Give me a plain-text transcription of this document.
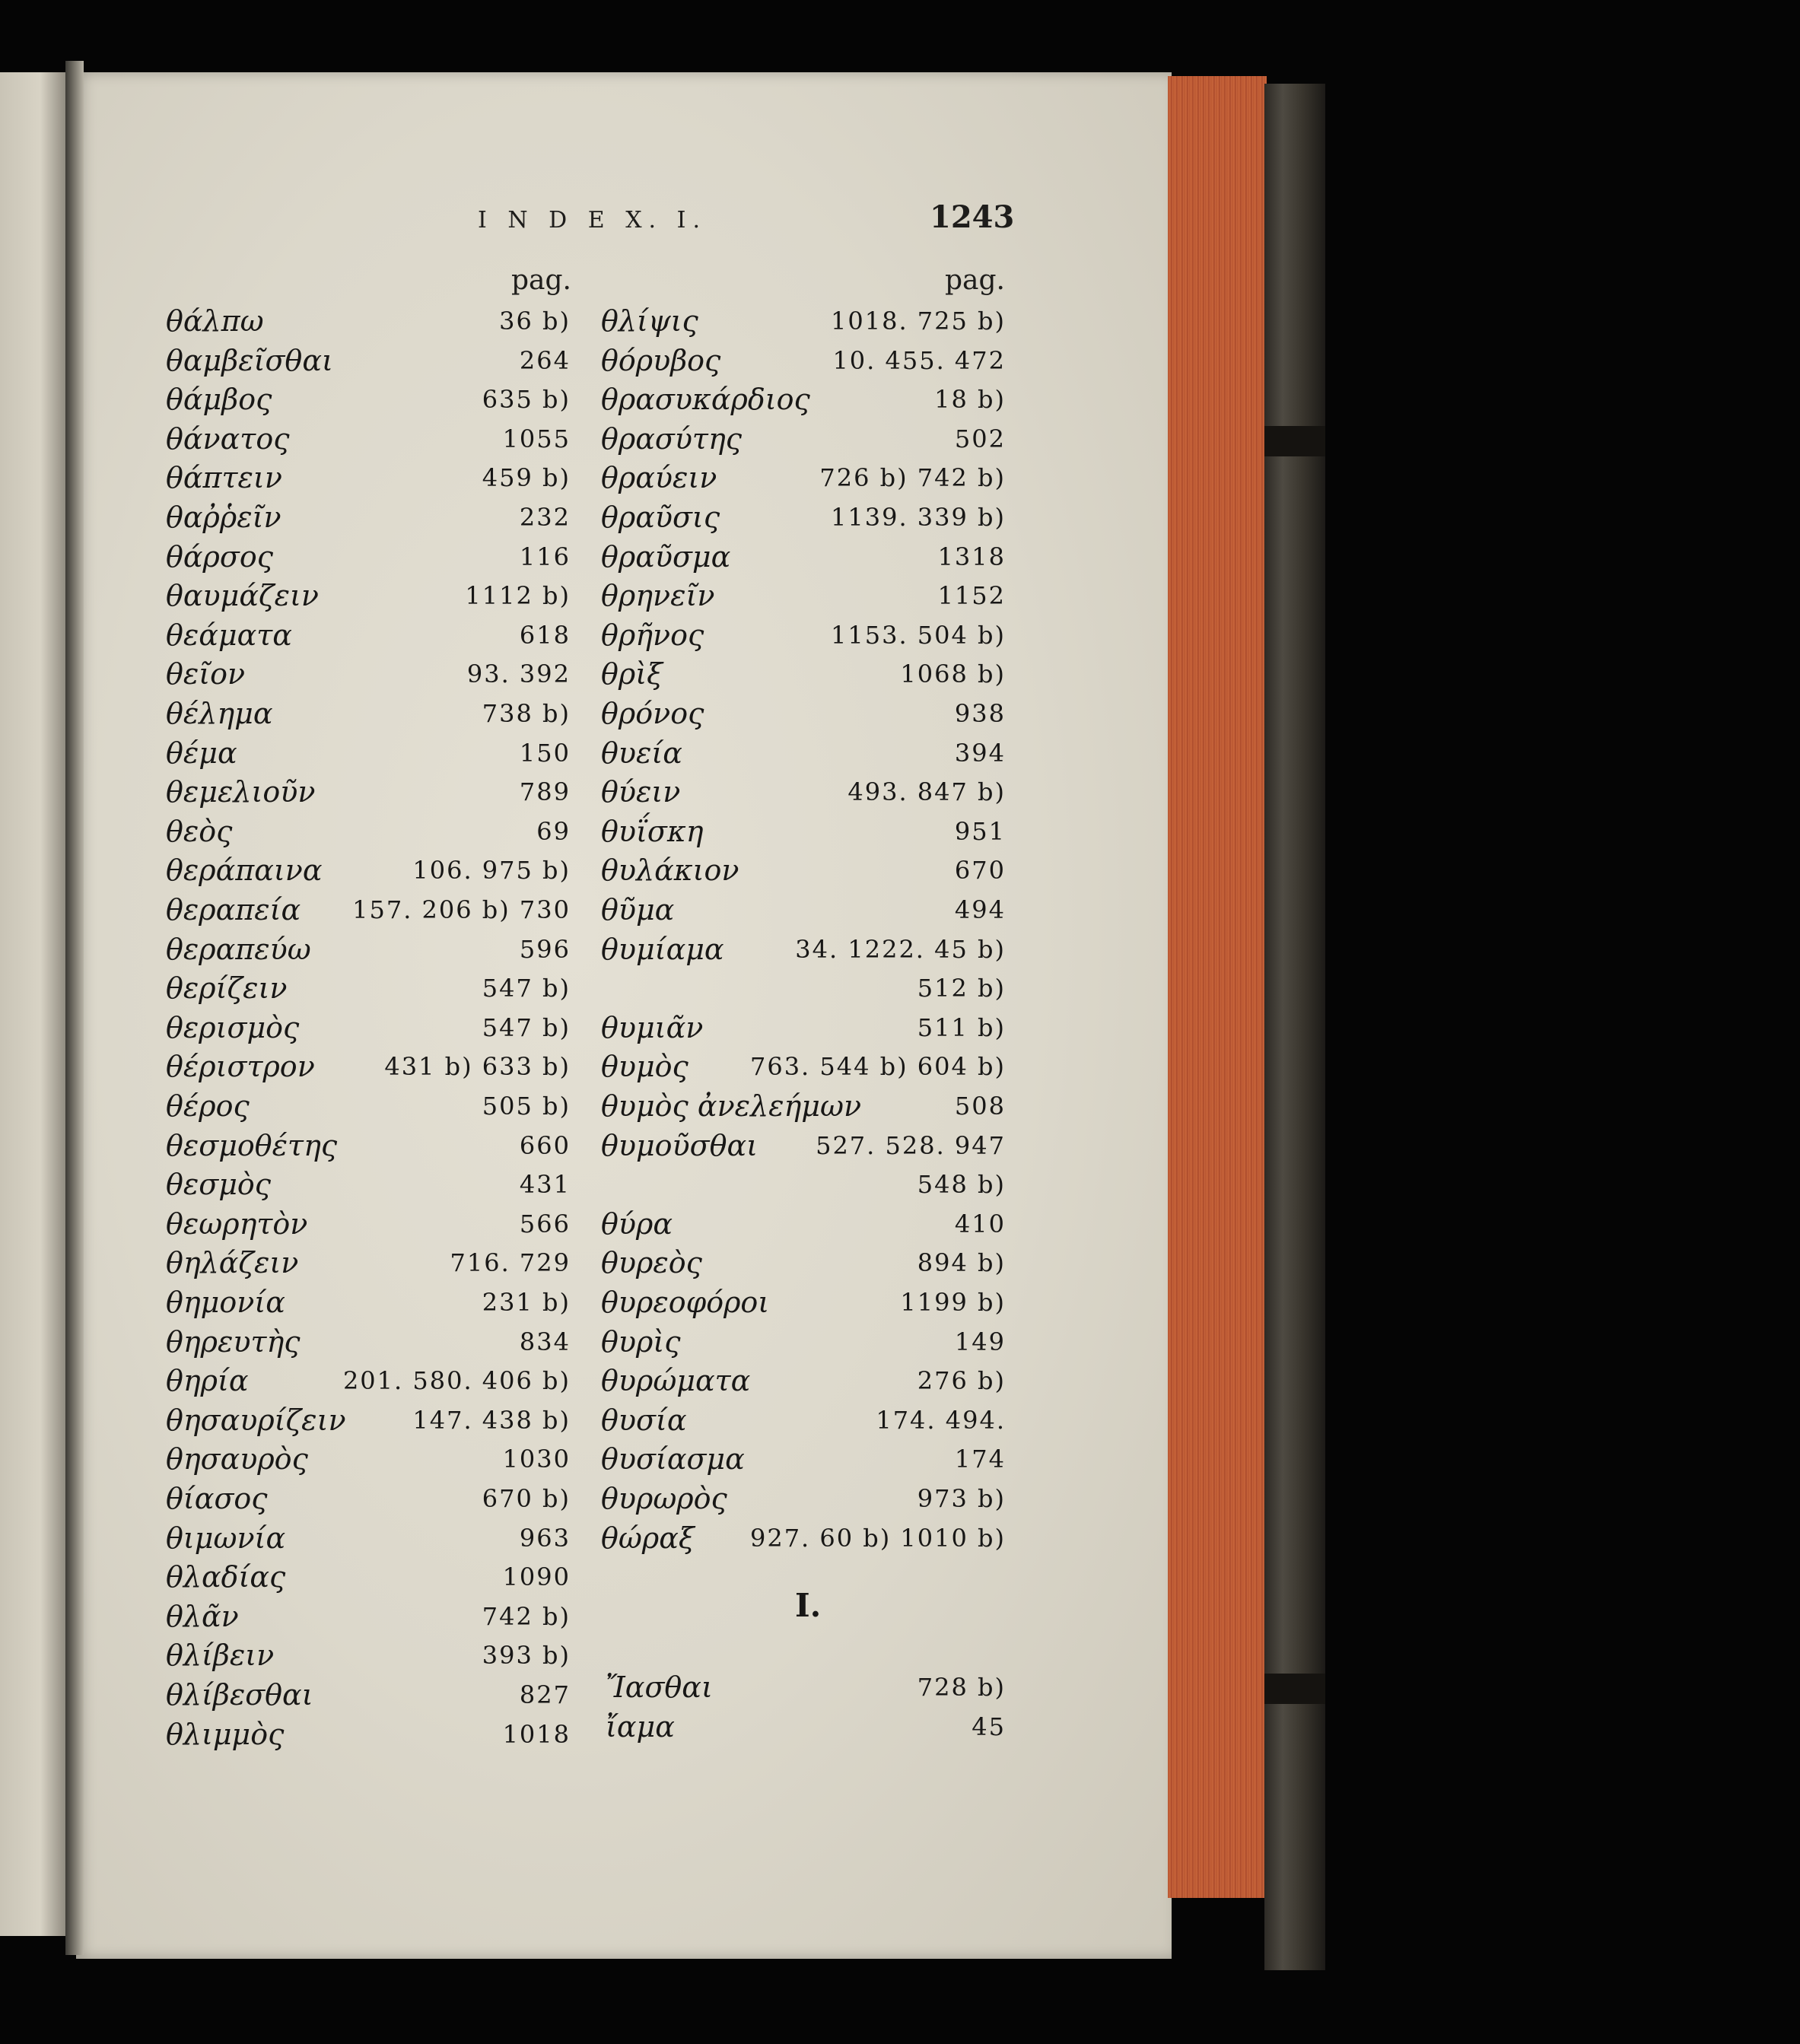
I N D E X. I.	1243
pag.	pag.
θάλπω	36 b)
θαμβεῖσθαι	264
θάμβος	635 b)
θάνατος	1055
θάπτειν	459 b)
θαῤῥεῖν	232
θάρσος	116
θαυμάζειν	1112 b)
θεάματα	618
θεῖον	93. 392
θέλημα	738 b)
θέμα	150
θεμελιοῦν	789
θεὸς	69
θεράπαινα	106. 975 b)
θεραπεία 157. 206 b) 730
θεραπεύω	596
θερίζειν	547 b)
θερισμὸς	547 b)
θέριστρον	431 b) 633 b)
θέρος	505 b)
θεσμοθέτης	660
θεσμὸς	431
θεωρητὸν	566
θηλάζειν	716. 729
θημονία	231 b)
θηρευτὴς	834
θηρία	201. 580. 406 b)
θησαυρίζειν	147. 438 b)
θησαυρὸς	1030
θίασος	670 b)
θιμωνία	963
θλαδίας	1090
θλᾶν	742 b)
θλίβειν	393 b)
θλίβεσθαι	827
θλιμμὸς	1018
θλίψις	1018. 725 b)
θόρυβος	10. 455. 472
θρασυκάρδιος	18 b)
θρασύτης	502
θραύειν	726 b) 742 b)
θραῦσις	1139. 339 b)
θραῦσμα	1318
θρηνεῖν	1152
θρῆνος	1153. 504 b)
θρὶξ	1068 b)
θρόνος	938
θυεία	394
θύειν	493. 847 b)
θυΐσκη	951
θυλάκιον	670
θῦμα	494
θυμίαμα	34. 1222. 45 b)
512 b)
θυμιᾶν	511 b)
θυμὸς	763. 544 b) 604 b)
θυμὸς ἀνελεήμων	508
θυμοῦσθαι 527. 528. 947
548 b)
θύρα	410
θυρεὸς	894 b)
θυρεοφόροι	1199 b)
θυρὶς	149
θυρώματα	276 b)
θυσία	174. 494.
θυσίασμα	174
θυρωρὸς	973 b)
θώραξ 927. 60 b) 1010 b)
I.
Ἴασθαι	728 b)
ἴαμα	45
